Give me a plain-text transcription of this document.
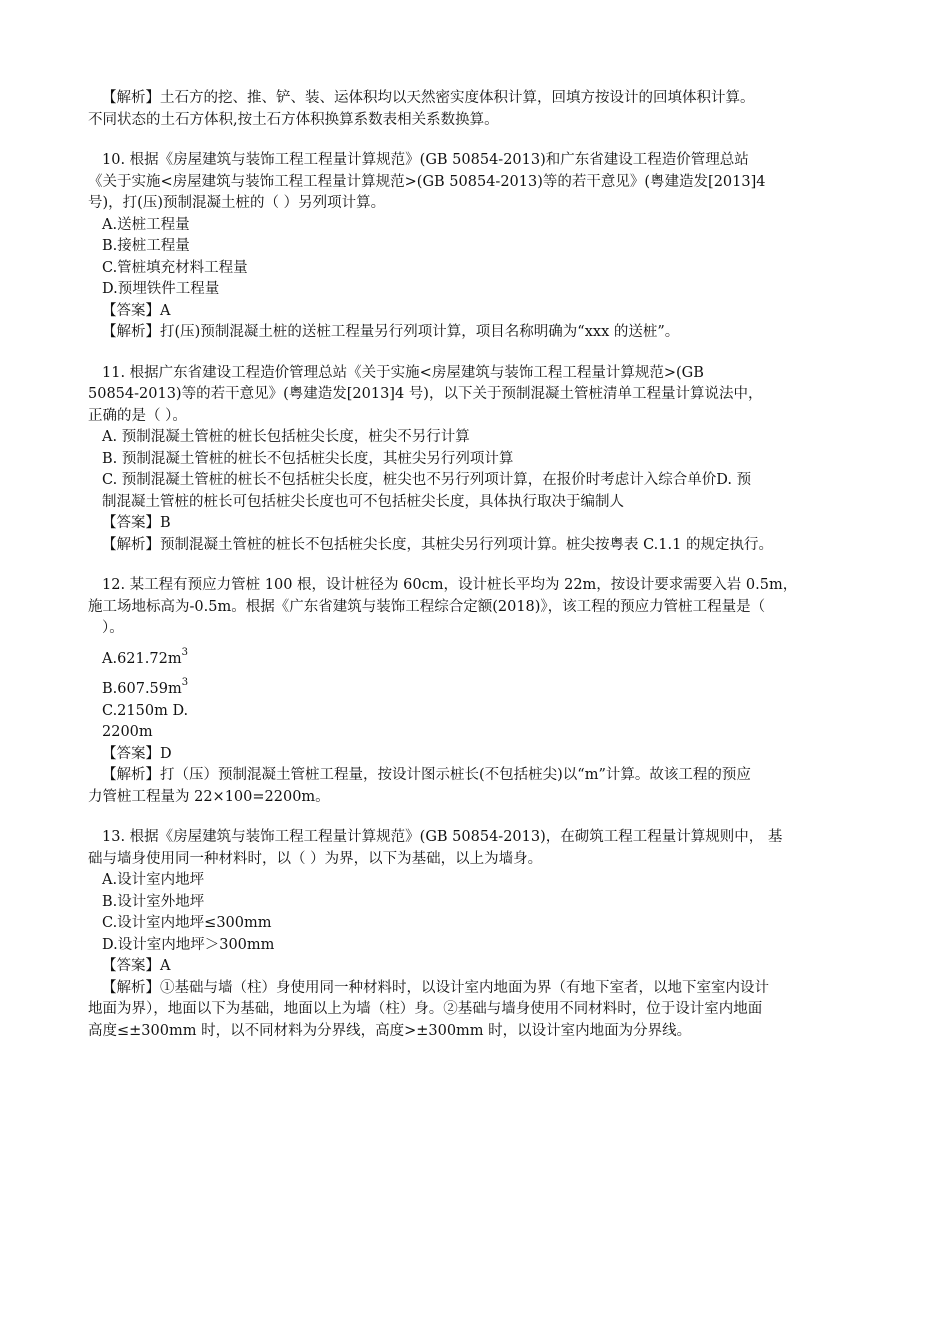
【解析】土石方的挖、推、铲、装、运体积均以天然密实度体积计算，回填方按设计的回填体积计算。
不同状态的土石方体积,按土石方体积换算系数表相关系数换算。
10. 根据《房屋建筑与装饰工程工程量计算规范》(GB 50854-2013)和广东省建设工程造价管理总站
《关于实施<房屋建筑与装饰工程工程量计算规范>(GB 50854-2013)等的若干意见》(粤建造发[2013]4
号)，打(压)预制混凝土桩的（ ）另列项计算。
A.送桩工程量
B.接桩工程量
C.管桩填充材料工程量
D.预埋铁件工程量
【答案】A
【解析】打(压)预制混凝土桩的送桩工程量另行列项计算，项目名称明确为“xxx 的送桩”。
11. 根据广东省建设工程造价管理总站《关于实施<房屋建筑与装饰工程工程量计算规范>(GB
50854-2013)等的若干意见》(粤建造发[2013]4 号)，以下关于预制混凝土管桩清单工程量计算说法中，
正确的是（ ）。
A. 预制混凝土管桩的桩长包括桩尖长度，桩尖不另行计算
B. 预制混凝土管桩的桩长不包括桩尖长度，其桩尖另行列项计算
C. 预制混凝土管桩的桩长不包括桩尖长度，桩尖也不另行列项计算，在报价时考虑计入综合单价D. 预
制混凝土管桩的桩长可包括桩尖长度也可不包括桩尖长度，具体执行取决于编制人
【答案】B
【解析】预制混凝土管桩的桩长不包括桩尖长度，其桩尖另行列项计算。桩尖按粤表 C.1.1 的规定执行。
12. 某工程有预应力管桩 100 根，设计桩径为 60cm，设计桩长平均为 22m，按设计要求需要入岩 0.5m，
施工场地标高为-0.5m。根据《广东省建筑与装饰工程综合定额(2018)》，该工程的预应力管桩工程量是（
）。
$A.621.72m^3$
$B.607.59m^3$
C.2150m D.
2200m
【答案】D
【解析】打（压）预制混凝土管桩工程量，按设计图示桩长(不包括桩尖)以“m”计算。故该工程的预应
力管桩工程量为 22×100=2200m。
13. 根据《房屋建筑与装饰工程工程量计算规范》(GB 50854-2013)，在砌筑工程工程量计算规则中， 基
础与墙身使用同一种材料时，以（ ）为界，以下为基础，以上为墙身。
A.设计室内地坪
B.设计室外地坪
C.设计室内地坪≤300mm
D.设计室内地坪＞300mm
【答案】A
【解析】①基础与墙（柱）身使用同一种材料时，以设计室内地面为界（有地下室者，以地下室室内设计
地面为界），地面以下为基础，地面以上为墙（柱）身。②基础与墙身使用不同材料时，位于设计室内地面
高度≤±300mm 时，以不同材料为分界线，高度>±300mm 时，以设计室内地面为分界线。
